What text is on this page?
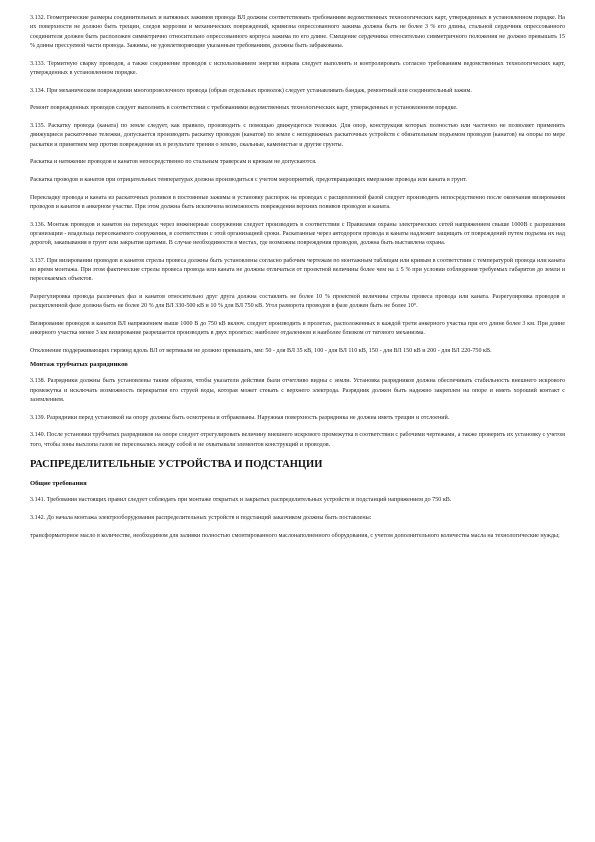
3.132. Геометрические размеры соединительных и натяжных зажимов провода ВЛ должны соответствовать требованиям ведомственных технологических карт, утвержденных в установленном порядке. На их поверхности не должно быть трещин, следов коррозии и механических повреждений, кривизна опрессованного зажима должна быть не более 3 % его длины, стальной сердечник опрессованного соединителя должен быть расположен симметрично относительно опрессованного корпуса зажима по его длине. Смещение сердечника относительно симметричного положения не должно превышать 15 % длины прессуемой части провода. Зажимы, не удовлетворяющие указанным требованиям, должны быть забракованы.

3.133. Термитную сварку проводов, а также соединение проводов с использованием энергии взрыва следует выполнять и контролировать согласно требованиям ведомственных технологических карт, утвержденных в установленном порядке.

3.134. При механическом повреждении многопроволочного провода (обрыв отдельных проволок) следует устанавливать бандаж, ремонтный или соединительный зажим.

Ремонт поврежденных проводов следует выполнять в соответствии с требованиями ведомственных технологических карт, утвержденных в установленном порядке.

3.135. Раскатку провода (каната) по земле следует, как правило, производить с помощью движущегося тележки. Для опор, конструкция которых полностью или частично не позволяет применить движущиеся раскаточные тележки, допускается производить раскатку проводов (канатов) по земле с неподвижных раскаточных устройств с обязательным подъемом проводов (канатов) на опоры по мере раскатки и принятием мер против повреждения их в результате трения о землю, скальные, каменистые и другие грунты.

Раскатка и натяжение проводов и канатов непосредственно по стальным траверсам и крюкам не допускаются.

Раскатка проводов и канатов при отрицательных температурах должна производиться с учетом мероприятий, предотвращающих вмерзание провода или каната в грунт.

Перекладку провода и каната из раскаточных роликов в постоянные зажимы и установку распорок на проводах с расщепленной фазой следует производить непосредственно после окончания визирования проводов и канатов в анкерном участке. При этом должна быть исключена возможность повреждения верхних повивов проводов и каната.

3.136. Монтаж проводов и канатов на переходах через инженерные сооружения следует производить в соответствии с Правилами охраны электрических сетей напряжением свыше 1000В с разрешения организации - владельца пересекаемого сооружения, в соответствии с этой организацией сроки. Раскатанные через автодороги провода и канаты надлежит защищать от повреждений путем подъема их над дорогой, закапывания в грунт или закрытия щитами. В случае необходимости в местах, где возможны повреждения проводов, должна быть выставлена охрана.

3.137. При визировании проводов и канатов стрелы провеса должны быть установлены согласно рабочим чертежам по монтажным таблицам или кривым в соответствии с температурой провода или каната во время монтажа. При этом фактические стрелы провеса провода или каната не должны отличаться от проектной величины более чем на ± 5 % при условии соблюдения требуемых габаритов до земли и пересекаемых объектов.

Разрегулировка провода различных фаз и канатов относительно друг друга должна составлять не более 10 % проектной величины стрелы провеса провода или каната. Разрегулировка проводов в расщепленной фазе должна быть не более 20 % для ВЛ 330-500 кВ и 10 % для ВЛ 750 кВ. Угол разворота проводов в фазе должен быть не более 10°.

Визирование проводов и канатов ВЛ напряжением выше 1000 В до 750 кВ включ. следует производить в пролетах, расположенных в каждой трети анкерного участка при его длине более 3 км. При длине анкерного участка менее 3 км визирование разрешается производить в двух пролетах: наиболее отдаленном и наиболее близком от тягового механизма.

Отклонение поддерживающих гирлянд вдоль ВЛ от вертикали не должно превышать, мм: 50 - для ВЛ 35 кВ, 100 - для ВЛ 110 кВ, 150 - для ВЛ 150 кВ и 200 - для ВЛ 220-750 кВ.

Монтаж трубчатых разрядников

3.138. Разрядники должны быть установлены таким образом, чтобы указатели действия были отчетливо видны с земли. Установка разрядников должна обеспечивать стабильность внешнего искрового промежутка и исключать возможность перекрытия его струей воды, которая может стекать с верхнего электрода. Разрядник должен быть надежно закреплен на опоре и иметь хороший контакт с заземлением.

3.139. Разрядники перед установкой на опору должны быть осмотрены и отбракованы. Наружная поверхность разрядника не должна иметь трещин и отслоений.

3.140. После установки трубчатых разрядников на опоре следует отрегулировать величину внешнего искрового промежутка в соответствии с рабочими чертежами, а также проверить их установку с учетом того, чтобы зоны выхлопа газов не пересекались между собой и не охватывали элементов конструкций и проводов.

РАСПРЕДЕЛИТЕЛЬНЫЕ УСТРОЙСТВА И ПОДСТАНЦИИ
Общие требования

3.141. Требования настоящих правил следует соблюдать при монтаже открытых и закрытых распределительных устройств и подстанций напряжением до 750 кВ.

3.142. До начала монтажа электрооборудования распределительных устройств и подстанций заказчиком должны быть поставлены:

трансформаторное масло в количестве, необходимом для заливки полностью смонтированного маслонаполненного оборудования, с учетом дополнительного количества масла на технологические нужды;
